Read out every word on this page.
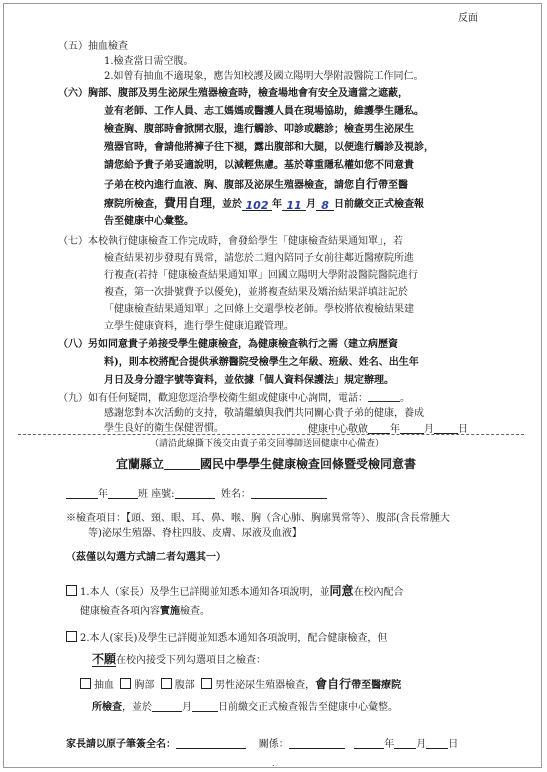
反面
（五）抽血檢查
1.檢查當日需空腹。
2.如曾有抽血不適現象，應告知校護及國立陽明大學附設醫院工作同仁。
（六）胸部、腹部及男生泌尿生殖器檢查時，檢查場地會有安全及適當之遮蔽，
並有老師、工作人員、志工媽媽或醫護人員在現場協助，維護學生隱私。
檢查胸、腹部時會掀開衣服，進行觸診、叩診或聽診；檢查男生泌尿生
殖器官時，會請他將褲子往下褪，露出腹部和大腿，以便進行觸診及視診，
請您給予貴子弟妥適說明，以減輕焦慮。基於尊重隱私權如您不同意貴
子弟在校內進行血液、胸、腹部及泌尿生殖器檢查，請您自行帶至醫
療院所檢查，費用自理，並於 102 年 11 月 8 日前繳交正式檢查報
告至健康中心彙整。
（七）本校執行健康檢查工作完成時，會發給學生「健康檢查結果通知單」，若
檢查結果初步發現有異常，請您於二週內陪同子女前往鄰近醫療院所進
行複查(若持「健康檢查結果通知單」回國立陽明大學附設醫院醫院進行
複查，第一次掛號費予以優免)，並將複查結果及矯治結果詳填註記於
「健康檢查結果通知單」之回條上交還學校老師。學校將依複檢結果建
立學生健康資料，進行學生健康追蹤管理。
（八）另如同意貴子弟接受學生健康檢查，為健康檢查執行之需（建立病歷資
料)，則本校將配合提供承辦醫院受檢學生之年級、班級、姓名、出生年
月日及身分證字號等資料，並依據「個人資料保護法」規定辦理。
（九）如有任何疑問，歡迎您逕洽學校衛生組或健康中心詢問，電話：	。
感謝您對本次活動的支持，敬請繼續與我們共同關心貴子弟的健康，養成
學生良好的衛生保健習慣。	健康中心敬啟 年 月 日
（請沿此線撕下後交由貴子弟交回導師送回健康中心備查）
宜蘭縣立	國民中學學生健康檢查回條暨受檢同意書
年	班 座號:	姓名：
※檢查項目：【頭、頸、眼、耳、鼻、喉、胸（含心肺、胸廓異常等）、腹部(含長常腫大
等)泌尿生殖器、脊柱四肢、皮膚、尿液及血液】
（茲僅以勾選方式請二者勾選其一）
1.本人（家長）及學生已詳閱並知悉本通知各項說明，並同意在校內配合
健康檢查各項內容實施檢查。
2.本人(家長)及學生已詳閱並知悉本通知各項說明，配合健康檢查，但
不願在校內接受下列勾選項目之檢查：
抽血 胸部 腹部 男性泌尿生殖器檢查，會自行帶至醫療院
所檢查，並於	月	日前繳交正式檢查報告至健康中心彙整。
家長請以原子筆簽全名：	關係：	年 月 日
.
